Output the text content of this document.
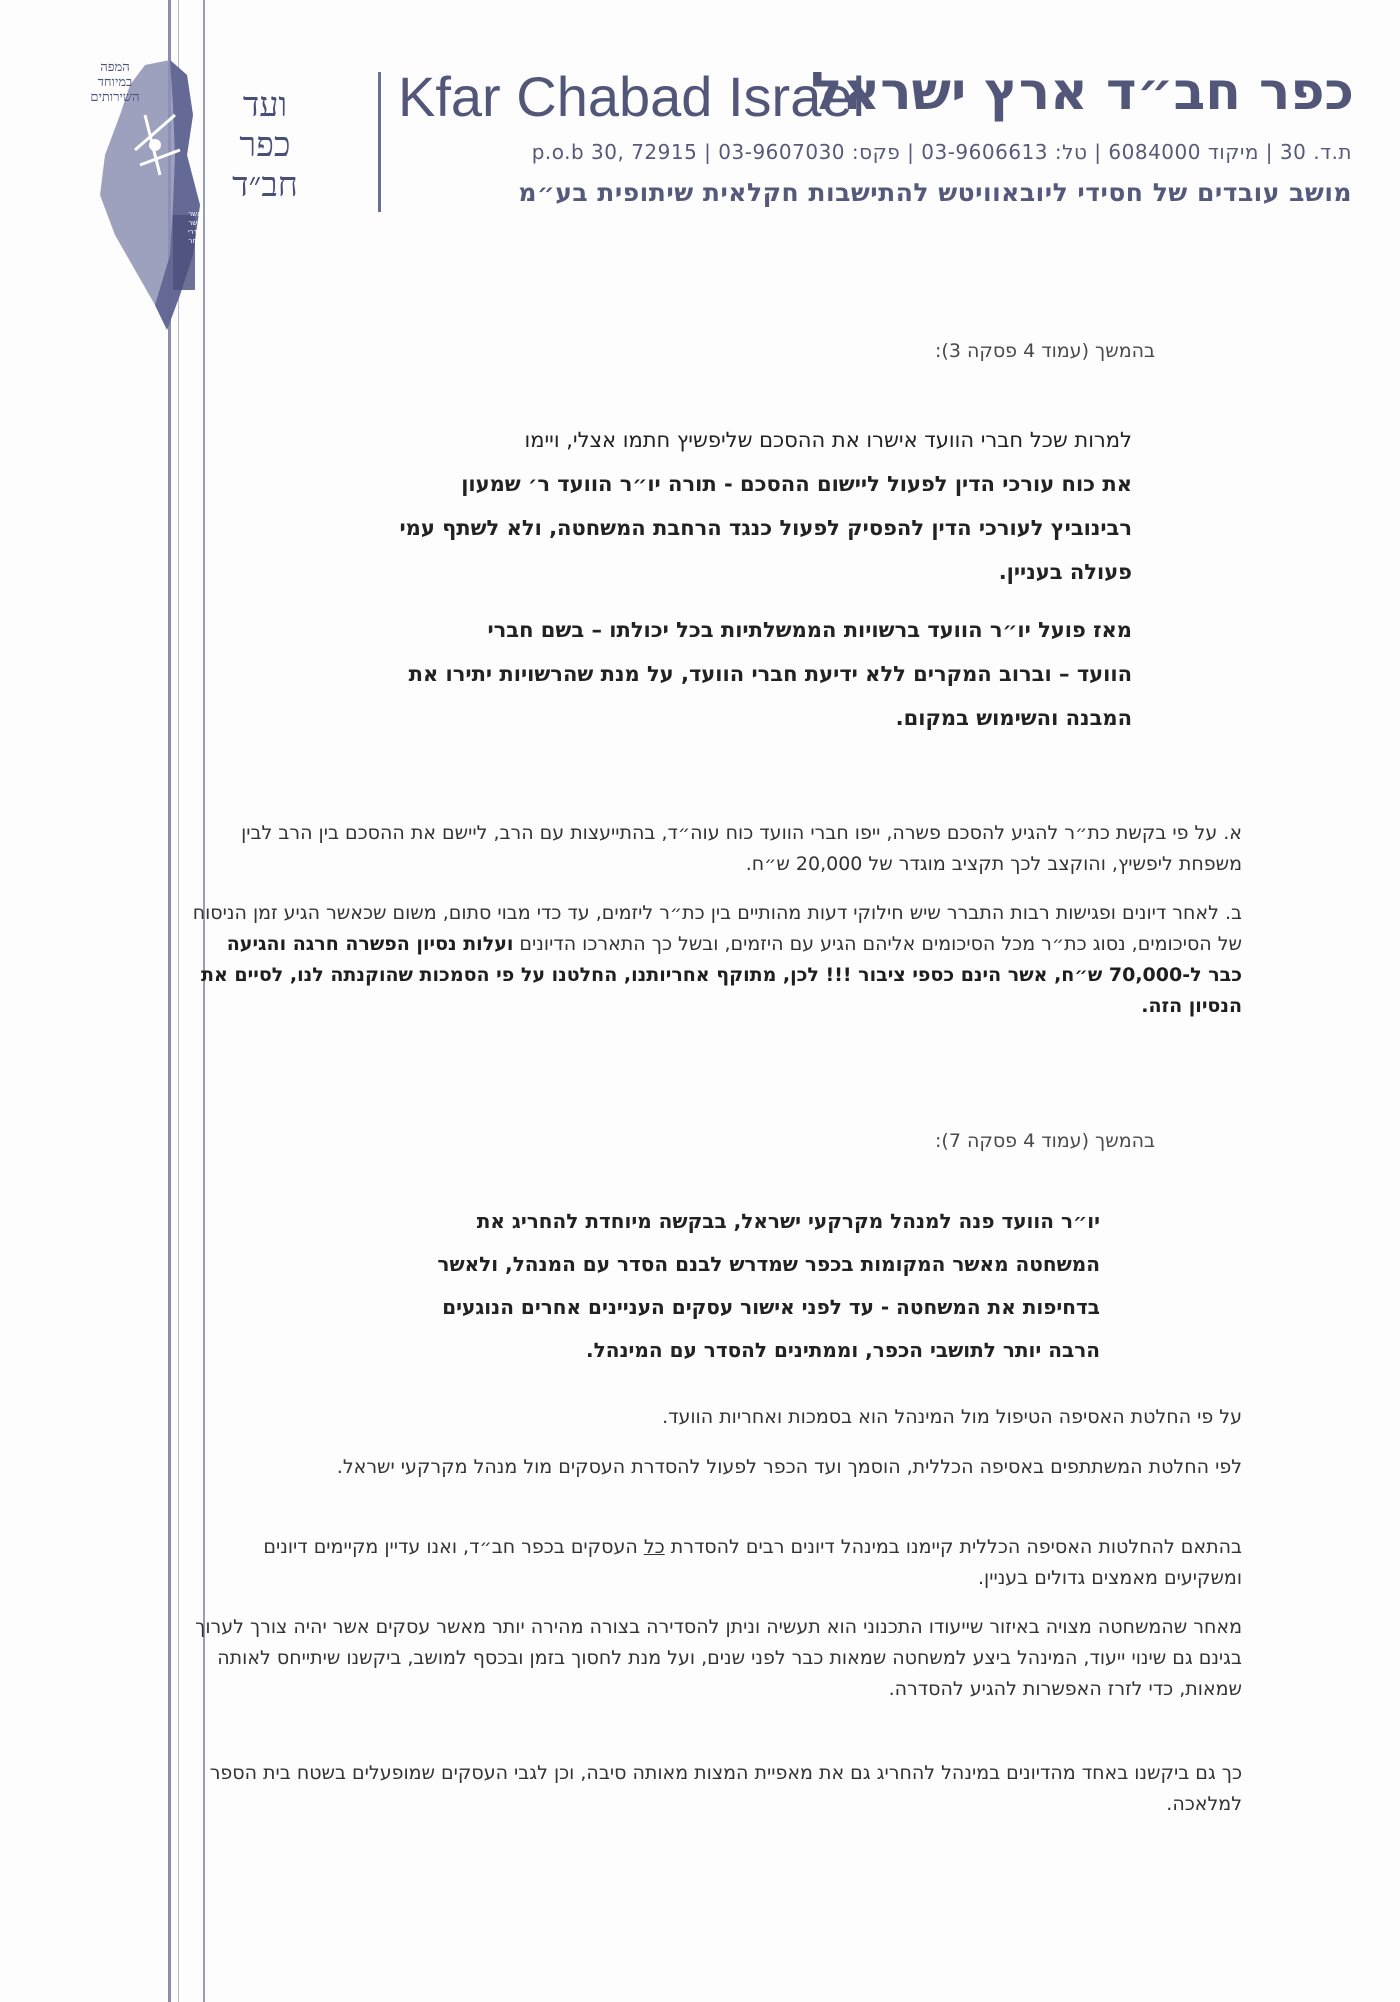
המפה
במיוחד
השירותים	ועד
כפר
חב״ד
אשר
עשר
אדרי
אחר
Kfar Chabad Israel
כפר חב״ד ארץ ישראל
ת.ד. 30 | מיקוד 6084000 | טל: 03-9606613 | פקס: 03-9607030 | p.o.b 30, 72915
מושב עובדים של חסידי ליובאוויטש להתישבות חקלאית שיתופית בע״מ
בהמשך (עמוד 4 פסקה 3):
למרות שכל חברי הוועד אישרו את ההסכם שליפשיץ חתמו אצלי, ויימו
את כוח עורכי הדין לפעול ליישום ההסכם - תורה יו״ר הוועד ר׳ שמעון
רבינוביץ לעורכי הדין להפסיק לפעול כנגד הרחבת המשחטה, ולא לשתף עמי
פעולה בעניין.
מאז פועל יו״ר הוועד ברשויות הממשלתיות בכל יכולתו – בשם חברי
הוועד – וברוב המקרים ללא ידיעת חברי הוועד, על מנת שהרשויות יתירו את
המבנה והשימוש במקום.
א. על פי בקשת כת״ר להגיע להסכם פשרה, ייפו חברי הוועד כוח עוה״ד, בהתייעצות עם הרב, ליישם את ההסכם בין הרב לבין משפחת ליפשיץ, והוקצב לכך תקציב מוגדר של 20,000 ש״ח.
ב. לאחר דיונים ופגישות רבות התברר שיש חילוקי דעות מהותיים בין כת״ר ליזמים, עד כדי מבוי סתום, משום שכאשר הגיע זמן הניסוח של הסיכומים, נסוג כת״ר מכל הסיכומים אליהם הגיע עם היזמים, ובשל כך התארכו הדיונים ועלות נסיון הפשרה חרגה והגיעה כבר ל-70,000 ש״ח, אשר הינם כספי ציבור !!! לכן, מתוקף אחריותנו, החלטנו על פי הסמכות שהוקנתה לנו, לסיים את הנסיון הזה.
בהמשך (עמוד 4 פסקה 7):
יו״ר הוועד פנה למנהל מקרקעי ישראל, בבקשה מיוחדת להחריג את
המשחטה מאשר המקומות בכפר שמדרש לבנם הסדר עם המנהל, ולאשר
בדחיפות את המשחטה - עד לפני אישור עסקים העניינים אחרים הנוגעים
הרבה יותר לתושבי הכפר, וממתינים להסדר עם המינהל.
על פי החלטת האסיפה הטיפול מול המינהל הוא בסמכות ואחריות הוועד.
לפי החלטת המשתתפים באסיפה הכללית, הוסמך ועד הכפר לפעול להסדרת העסקים מול מנהל מקרקעי ישראל.
בהתאם להחלטות האסיפה הכללית קיימנו במינהל דיונים רבים להסדרת כל העסקים בכפר חב״ד, ואנו עדיין מקיימים דיונים ומשקיעים מאמצים גדולים בעניין.
מאחר שהמשחטה מצויה באיזור שייעודו התכנוני הוא תעשיה וניתן להסדירה בצורה מהירה יותר מאשר עסקים אשר יהיה צורך לערוך בגינם גם שינוי ייעוד, המינהל ביצע למשחטה שמאות כבר לפני שנים, ועל מנת לחסוך בזמן ובכסף למושב, ביקשנו שיתייחס לאותה שמאות, כדי לזרז האפשרות להגיע להסדרה.
כך גם ביקשנו באחד מהדיונים במינהל להחריג גם את מאפיית המצות מאותה סיבה, וכן לגבי העסקים שמופעלים בשטח בית הספר למלאכה.
